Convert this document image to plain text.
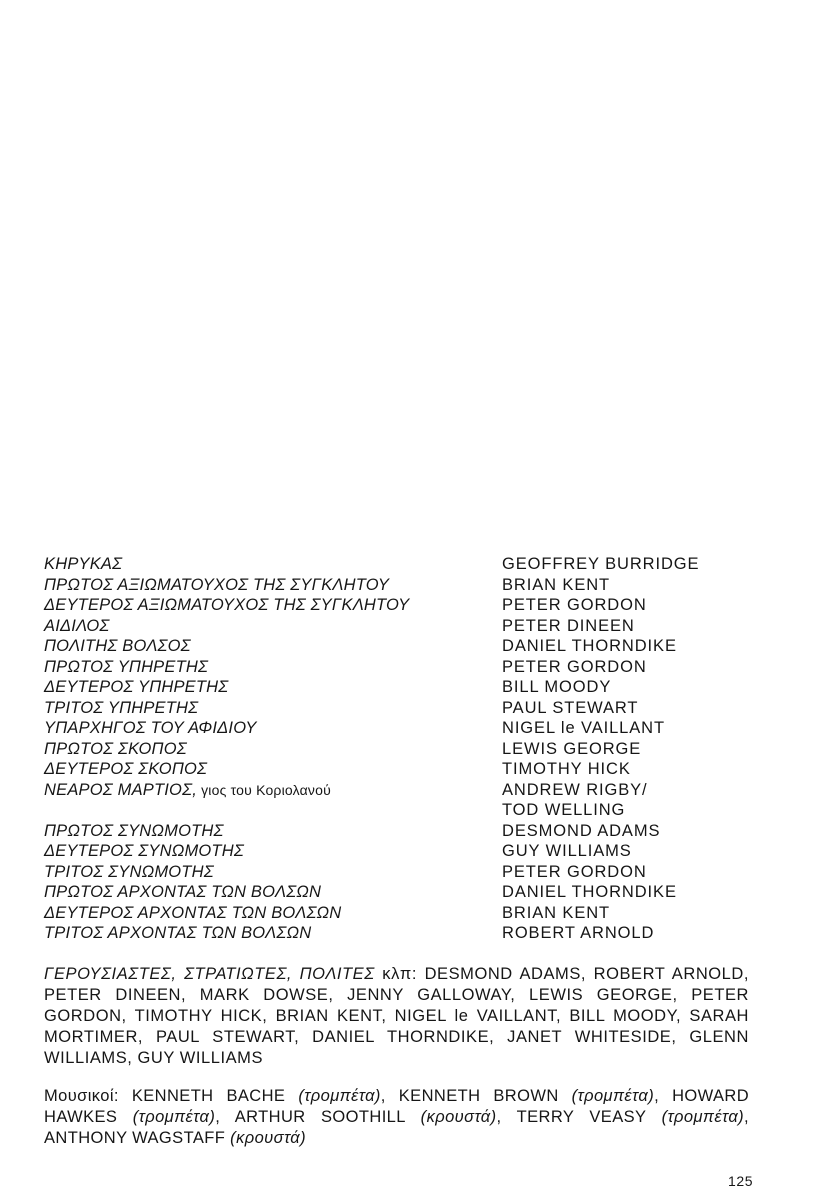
ΚΗΡΥΚΑΣ	GEOFFREY BURRIDGE
ΠΡΩΤΟΣ ΑΞΙΩΜΑΤΟΥΧΟΣ ΤΗΣ ΣΥΓΚΛΗΤΟΥ	BRIAN KENT
ΔΕΥΤΕΡΟΣ ΑΞΙΩΜΑΤΟΥΧΟΣ ΤΗΣ ΣΥΓΚΛΗΤΟΥ	PETER GORDON
ΑΙΔΙΛΟΣ	PETER DINEEN
ΠΟΛΙΤΗΣ ΒΟΛΣΟΣ	DANIEL THORNDIKE
ΠΡΩΤΟΣ ΥΠΗΡΕΤΗΣ	PETER GORDON
ΔΕΥΤΕΡΟΣ ΥΠΗΡΕΤΗΣ	BILL MOODY
ΤΡΙΤΟΣ ΥΠΗΡΕΤΗΣ	PAUL STEWART
ΥΠΑΡΧΗΓΟΣ ΤΟΥ ΑΦΙΔΙΟΥ	NIGEL le VAILLANT
ΠΡΩΤΟΣ ΣΚΟΠΟΣ	LEWIS GEORGE
ΔΕΥΤΕΡΟΣ ΣΚΟΠΟΣ	TIMOTHY HICK
ΝΕΑΡΟΣ ΜΑΡΤΙΟΣ, γιος του Κοριολανού	ANDREW RIGBY/
TOD WELLING
ΠΡΩΤΟΣ ΣΥΝΩΜΟΤΗΣ	DESMOND ADAMS
ΔΕΥΤΕΡΟΣ ΣΥΝΩΜΟΤΗΣ	GUY WILLIAMS
ΤΡΙΤΟΣ ΣΥΝΩΜΟΤΗΣ	PETER GORDON
ΠΡΩΤΟΣ ΑΡΧΟΝΤΑΣ ΤΩΝ ΒΟΛΣΩΝ	DANIEL THORNDIKE
ΔΕΥΤΕΡΟΣ ΑΡΧΟΝΤΑΣ ΤΩΝ ΒΟΛΣΩΝ	BRIAN KENT
ΤΡΙΤΟΣ ΑΡΧΟΝΤΑΣ ΤΩΝ ΒΟΛΣΩΝ	ROBERT ARNOLD

ΓΕΡΟΥΣΙΑΣΤΕΣ, ΣΤΡΑΤΙΩΤΕΣ, ΠΟΛΙΤΕΣ κλπ: DESMOND ADAMS, ROBERT ARNOLD, PETER DINEEN, MARK DOWSE, JENNY GALLOWAY, LEWIS GEORGE, PETER GORDON, TIMOTHY HICK, BRIAN KENT, NIGEL le VAILLANT, BILL MOODY, SARAH MORTIMER, PAUL STEWART, DANIEL THORNDIKE, JANET WHITESIDE, GLENN WILLIAMS, GUY WILLIAMS

Μουσικοί: KENNETH BACHE (τρομπέτα), KENNETH BROWN (τρομπέτα), HOWARD HAWKES (τρομπέτα), ARTHUR SOOTHILL (κρουστά), TERRY VEASY (τρομπέτα), ANTHONY WAGSTAFF (κρουστά)

125
